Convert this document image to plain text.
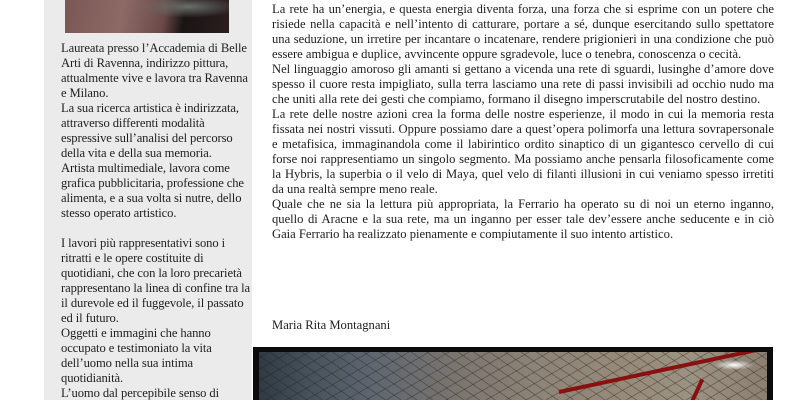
Laureata presso l’Accademia di Belle Arti di Ravenna, indirizzo pittura, attualmente vive e lavora tra Ravenna e Milano.

La sua ricerca artistica è indirizzata, attraverso differenti modalità espressive sull’analisi del percorso della vita e della sua memoria.

Artista multimediale, lavora come grafica pubblicitaria, professione che alimenta, e a sua volta si nutre, dello stesso operato artistico.

I lavori più rappresentativi sono i ritratti e le opere costituite di quotidiani, che con la loro precarietà rappresentano la linea di confine tra la il durevole ed il fuggevole, il passato ed il futuro.

Oggetti e immagini che hanno occupato e testimoniato la vita dell’uomo nella sua intima quotidianità.

L’uomo dal percepibile senso di

La rete ha un’energia, e questa energia diventa forza, una forza che si esprime con un potere che risiede nella capacità e nell’intento di catturare, portare a sé, dunque esercitando sullo spettatore una seduzione, un irretire per incantare o incatenare, rendere prigionieri in una condizione che può essere ambigua e duplice, avvincente oppure sgradevole, luce o tenebra, conoscenza o cecità.

Nel linguaggio amoroso gli amanti si gettano a vicenda una rete di sguardi, lusinghe d’amore dove spesso il cuore resta impigliato, sulla terra lasciamo una rete di passi invisibili ad occhio nudo ma che uniti alla rete dei gesti che compiamo, formano il disegno imperscrutabile del nostro destino.

La rete delle nostre azioni crea la forma delle nostre esperienze, il modo in cui la memoria resta fissata nei nostri vissuti. Oppure possiamo dare a quest’opera polimorfa una lettura sovrapersonale e metafisica, immaginandola come il labirintico ordito sinaptico di un gigantesco cervello di cui forse noi rappresentiamo un singolo segmento. Ma possiamo anche pensarla filosoficamente come la Hybris, la superbia o il velo di Maya, quel velo di filanti illusioni in cui veniamo spesso irretiti da una realtà sempre meno reale.

Quale che ne sia la lettura più appropriata, la Ferrario ha operato su di noi un eterno inganno, quello di Aracne e la sua rete, ma un inganno per esser tale dev’essere anche seducente e in ciò Gaia Ferrario ha realizzato pienamente e compiutamente il suo intento artistico.

Maria Rita Montagnani
